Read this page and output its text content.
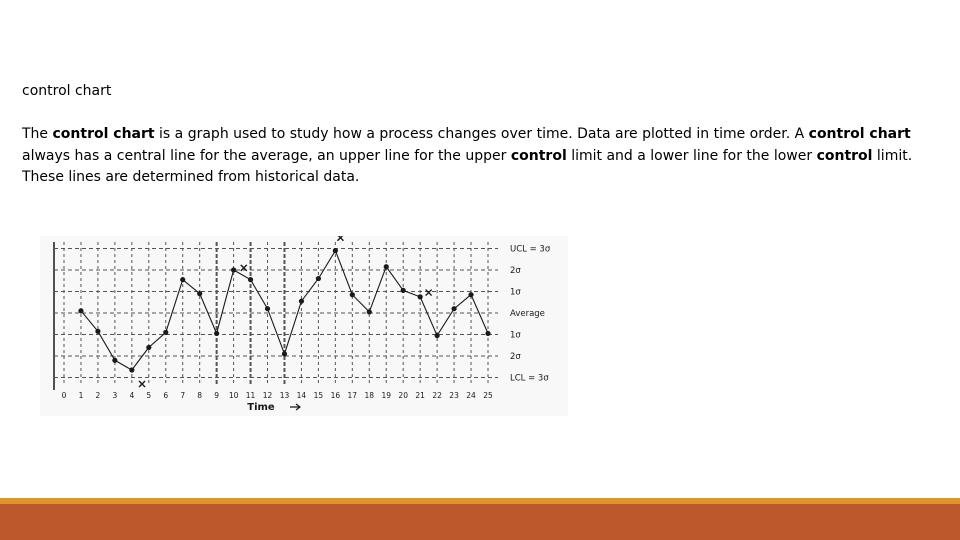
control chart
The control chart is a graph used to study how a process changes over time. Data are plotted in time order. A control chart always has a central line for the average, an upper line for the upper control limit and a lower line for the lower control limit. These lines are determined from historical data.
UCL = 3σ
2σ
1σ
Average
1σ
2σ
LCL = 3σ
0 1 2 3 4 5 6 7 8 9 10 11 12 13 14 15 16 17 18 19 20 21 22 23 24 25
Time
